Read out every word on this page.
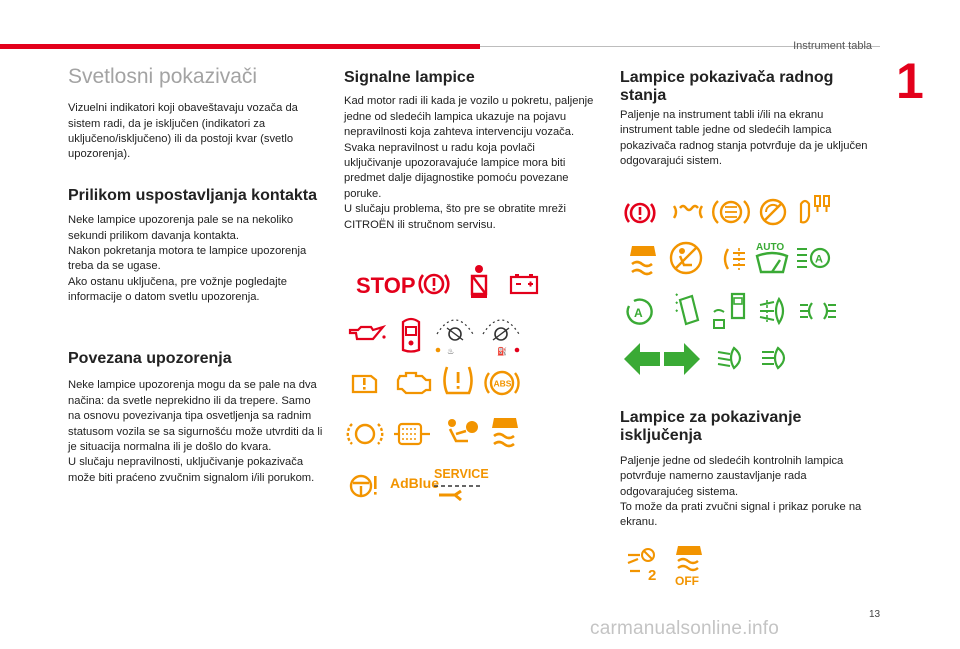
Instrument tabla
1
Svetlosni pokazivači

Vizuelni indikatori koji obaveštavaju vozača da sistem radi, da je isključen (indikatori za uključeno/isključeno) ili da postoji kvar (svetlo upozorenja).

Prilikom uspostavljanja kontakta

Neke lampice upozorenja pale se na nekoliko sekundi prilikom davanja kontakta.

Nakon pokretanja motora te lampice upozorenja treba da se ugase.

Ako ostanu uključena, pre vožnje pogledajte informacije o datom svetlu upozorenja.

Povezana upozorenja

Neke lampice upozorenja mogu da se pale na dva načina: da svetle neprekidno ili da trepere. Samo na osnovu povezivanja tipa osvetljenja sa radnim statusom vozila se sa sigurnošću može utvrditi da li je situacija normalna ili je došlo do kvara.

U slučaju nepravilnosti, uključivanje pokazivača može biti praćeno zvučnim signalom i/ili porukom.

Signalne lampice

Kad motor radi ili kada je vozilo u pokretu, paljenje jedne od sledećih lampica ukazuje na pojavu nepravilnosti koja zahteva intervenciju vozača.

Svaka nepravilnost u radu koja povlači uključivanje upozoravajuće lampice mora biti predmet dalje dijagnostike pomoću povezane poruke.

U slučaju problema, što pre se obratite mreži CITROËN ili stručnom servisu.

STOP
♨	⛽
ABS
AdBlue
SERVICE
Lampice pokazivača radnog stanja

Paljenje na instrument tabli i/ili na ekranu instrument table jedne od sledećih lampica pokazivača radnog stanja potvrđuje da je uključen odgovarajući sistem.

AUTO
A
A
Lampice za pokazivanje isključenja

Paljenje jedne od sledećih kontrolnih lampica potvrđuje namerno zaustavljanje rada odgovarajućeg sistema.

To može da prati zvučni signal i prikaz poruke na ekranu.

2 OFF
13
carmanualsonline.info
